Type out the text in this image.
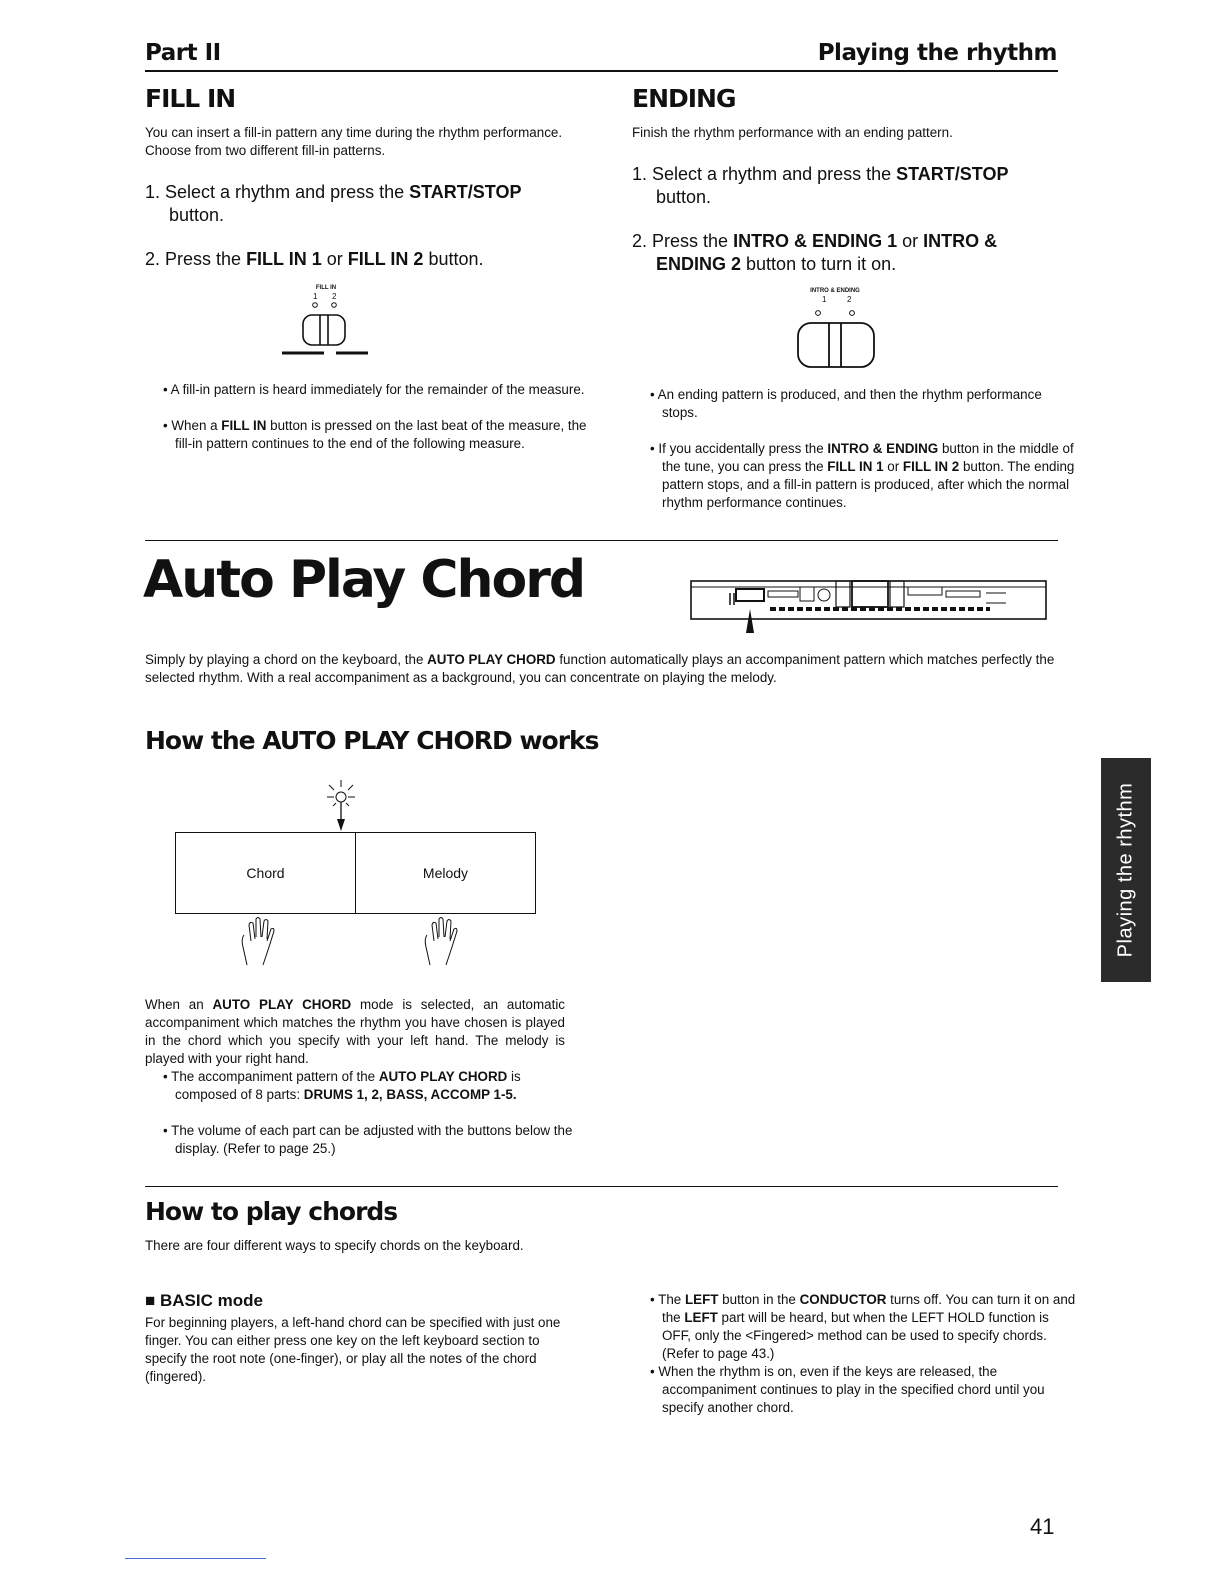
Part II	Playing the rhythm
FILL IN
You can insert a fill-in pattern any time during the rhythm performance. Choose from two different fill-in patterns.
1. Select a rhythm and press the START/STOP
button.
2. Press the FILL IN 1 or FILL IN 2 button.
FILL IN
1 2

• A fill-in pattern is heard immediately for the remainder of the measure.

• When a FILL IN button is pressed on the last beat of the measure, the fill-in pattern continues to the end of the following measure.

ENDING
Finish the rhythm performance with an ending pattern.
1. Select a rhythm and press the START/STOP
button.
2. Press the INTRO & ENDING 1 or INTRO &
ENDING 2 button to turn it on.
INTRO & ENDING
1	2

• An ending pattern is produced, and then the rhythm performance stops.

• If you accidentally press the INTRO & ENDING button in the middle of the tune, you can press the FILL IN 1 or FILL IN 2 button. The ending pattern stops, and a fill-in pattern is produced, after which the normal rhythm performance continues.

Auto Play Chord
Simply by playing a chord on the keyboard, the AUTO PLAY CHORD function automatically plays an accompaniment pattern which matches perfectly the selected rhythm. With a real accompaniment as a background, you can concentrate on playing the melody.
How the AUTO PLAY CHORD works
Chord	Melody
When an AUTO PLAY CHORD mode is selected, an automatic accompaniment which matches the rhythm you have chosen is played in the chord which you specify with your left hand. The melody is played with your right hand.

• The accompaniment pattern of the AUTO PLAY CHORD is composed of 8 parts: DRUMS 1, 2, BASS, ACCOMP 1-5.

• The volume of each part can be adjusted with the buttons below the display. (Refer to page 25.)

How to play chords
There are four different ways to specify chords on the keyboard.
■ BASIC mode
For beginning players, a left-hand chord can be specified with just one finger. You can either press one key on the left keyboard section to specify the root note (one-finger), or play all the notes of the chord (fingered).

• The LEFT button in the CONDUCTOR turns off. You can turn it on and the LEFT part will be heard, but when the LEFT HOLD function is OFF, only the <Fingered> method can be used to specify chords. (Refer to page 43.)

• When the rhythm is on, even if the keys are released, the accompaniment continues to play in the specified chord until you specify another chord.

Playing the rhythm
41
